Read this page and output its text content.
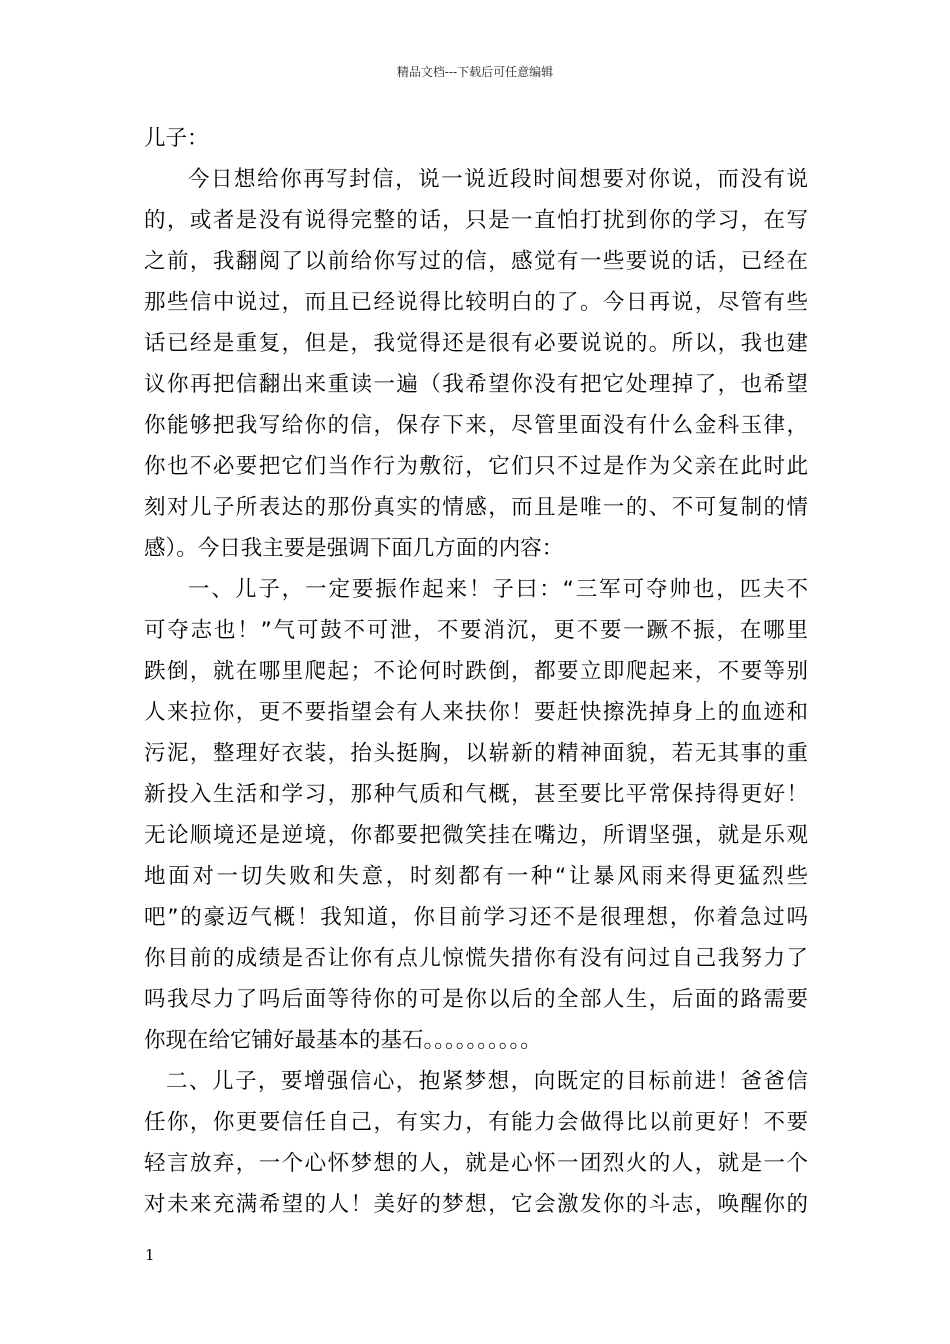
精品文档---下载后可任意编辑
儿子：
今日想给你再写封信，说一说近段时间想要对你说，而没有说
的，或者是没有说得完整的话，只是一直怕打扰到你的学习，在写
之前，我翻阅了以前给你写过的信，感觉有一些要说的话，已经在
那些信中说过，而且已经说得比较明白的了。今日再说，尽管有些
话已经是重复，但是，我觉得还是很有必要说说的。所以，我也建
议你再把信翻出来重读一遍（我希望你没有把它处理掉了，也希望
你能够把我写给你的信，保存下来，尽管里面没有什么金科玉律，
你也不必要把它们当作行为敷衍，它们只不过是作为父亲在此时此
刻对儿子所表达的那份真实的情感，而且是唯一的、不可复制的情
感）。今日我主要是强调下面几方面的内容：
一、儿子，一定要振作起来！子曰：“三军可夺帅也，匹夫不
可夺志也！”气可鼓不可泄，不要消沉，更不要一蹶不振，在哪里
跌倒，就在哪里爬起；不论何时跌倒，都要立即爬起来，不要等别
人来拉你，更不要指望会有人来扶你！要赶快擦洗掉身上的血迹和
污泥，整理好衣装，抬头挺胸，以崭新的精神面貌，若无其事的重
新投入生活和学习，那种气质和气概，甚至要比平常保持得更好！
无论顺境还是逆境，你都要把微笑挂在嘴边，所谓坚强，就是乐观
地面对一切失败和失意，时刻都有一种“让暴风雨来得更猛烈些
吧”的豪迈气概！我知道，你目前学习还不是很理想，你着急过吗
你目前的成绩是否让你有点儿惊慌失措你有没有问过自己我努力了
吗我尽力了吗后面等待你的可是你以后的全部人生，后面的路需要
你现在给它铺好最基本的基石。。。。。。。。。。
二、儿子，要增强信心，抱紧梦想，向既定的目标前进！爸爸信
任你，你更要信任自己，有实力，有能力会做得比以前更好！不要
轻言放弃，一个心怀梦想的人，就是心怀一团烈火的人，就是一个
对未来充满希望的人！美好的梦想，它会激发你的斗志，唤醒你的
1
